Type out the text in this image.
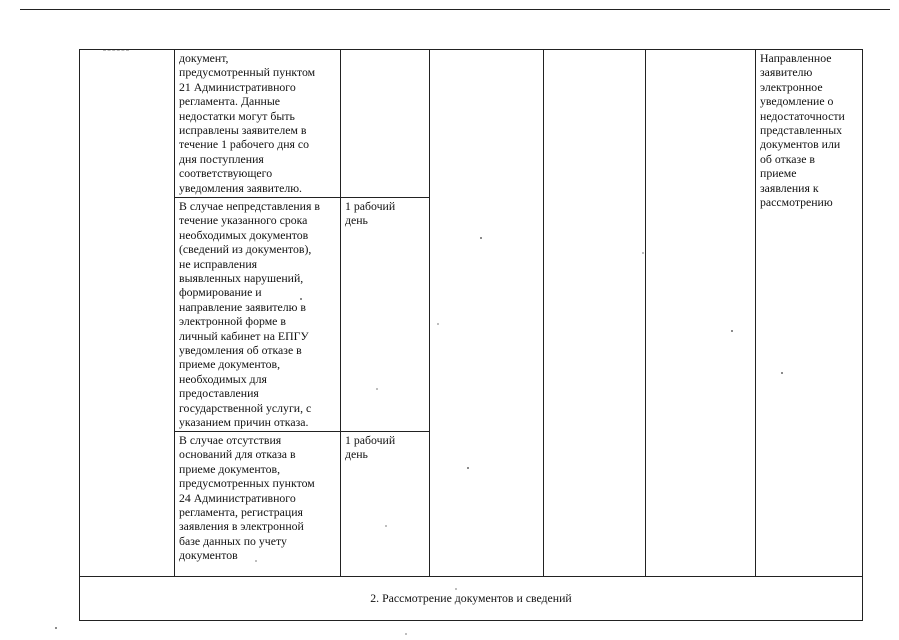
документ,
предусмотренный пунктом
21 Административного
регламента. Данные
недостатки могут быть
исправлены заявителем в
течение 1 рабочего дня со
дня поступления
соответствующего
уведомления заявителю.

В случае непредставления в
течение указанного срока
необходимых документов
(сведений из документов),
не исправления
выявленных нарушений,
формирование и
направление заявителю в
электронной форме в
личный кабинет на ЕПГУ
уведомления об отказе в
приеме документов,
необходимых для
предоставления
государственной услуги, с
указанием причин отказа.

1 рабочий
день

В случае отсутствия
оснований для отказа в
приеме документов,
предусмотренных пунктом
24 Административного
регламента, регистрация
заявления в электронной
базе данных по учету
документов

1 рабочий
день

Направленное
заявителю
электронное
уведомление о
недостаточности
представленных
документов или
об отказе в
приеме
заявления к
рассмотрению

2. Рассмотрение документов и сведений
